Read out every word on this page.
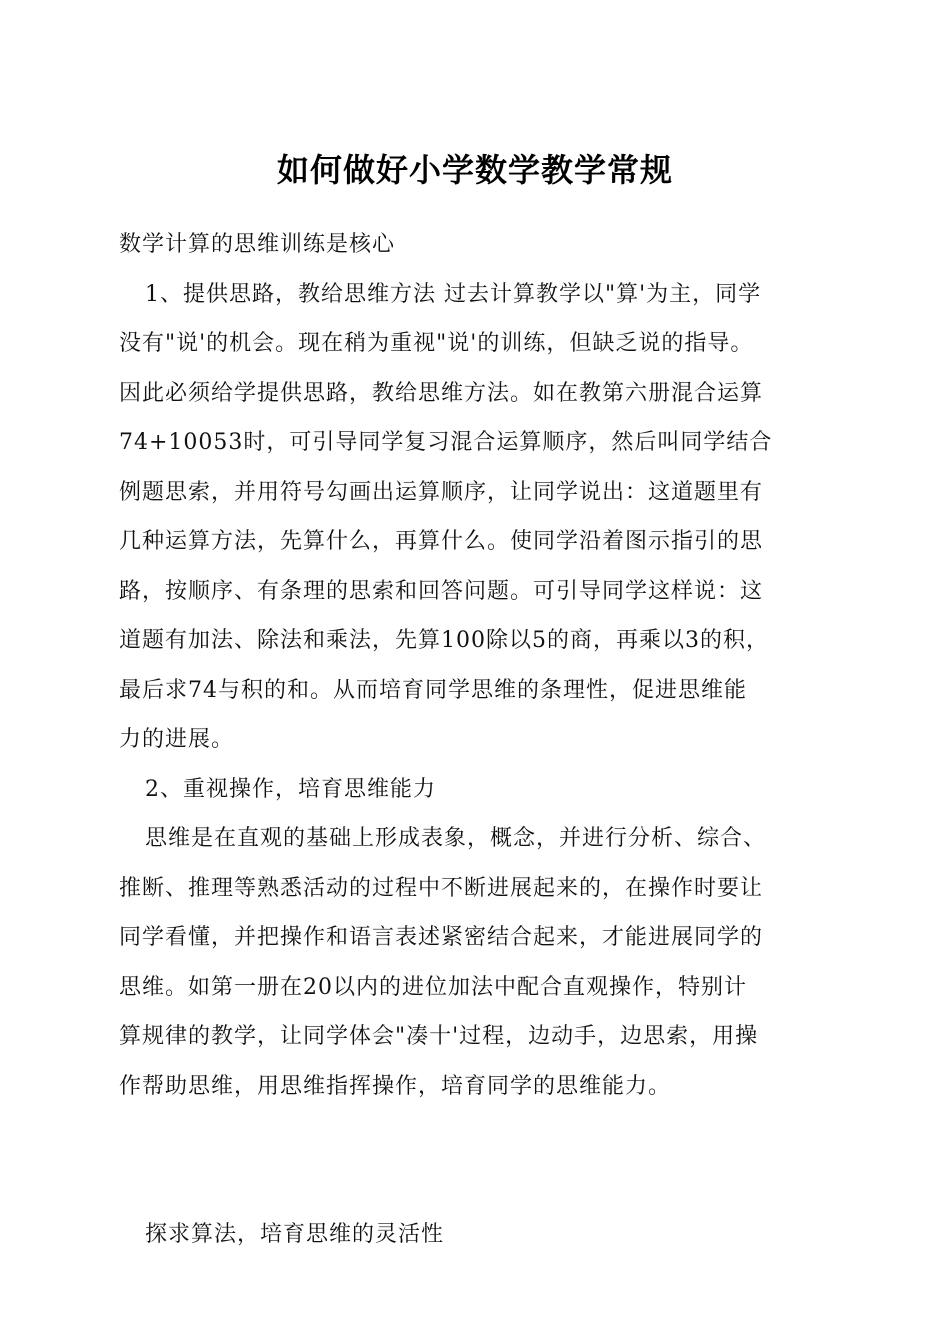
如何做好小学数学教学常规
数学计算的思维训练是核心
1、提供思路，教给思维方法 过去计算教学以"算'为主，同学
没有"说'的机会。现在稍为重视"说'的训练，但缺乏说的指导。
因此必须给学提供思路，教给思维方法。如在教第六册混合运算
74+10053时，可引导同学复习混合运算顺序，然后叫同学结合
例题思索，并用符号勾画出运算顺序，让同学说出：这道题里有
几种运算方法，先算什么，再算什么。使同学沿着图示指引的思
路，按顺序、有条理的思索和回答问题。可引导同学这样说：这
道题有加法、除法和乘法，先算100除以5的商，再乘以3的积，
最后求74与积的和。从而培育同学思维的条理性，促进思维能
力的进展。
2、重视操作，培育思维能力
思维是在直观的基础上形成表象，概念，并进行分析、综合、
推断、推理等熟悉活动的过程中不断进展起来的，在操作时要让
同学看懂，并把操作和语言表述紧密结合起来，才能进展同学的
思维。如第一册在20以内的进位加法中配合直观操作，特别计
算规律的教学，让同学体会"凑十'过程，边动手，边思索，用操
作帮助思维，用思维指挥操作，培育同学的思维能力。
探求算法，培育思维的灵活性
